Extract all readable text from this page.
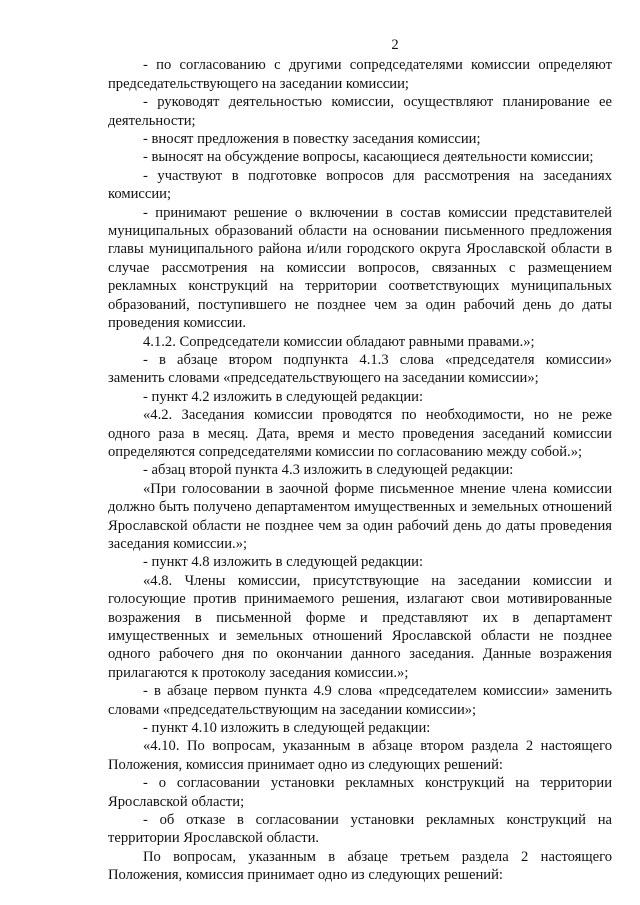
2

- по согласованию с другими сопредседателями комиссии определяют председательствующего на заседании комиссии;

- руководят деятельностью комиссии, осуществляют планирование ее деятельности;

- вносят предложения в повестку заседания комиссии;

- выносят на обсуждение вопросы, касающиеся деятельности комиссии;

- участвуют в подготовке вопросов для рассмотрения на заседаниях комиссии;

- принимают решение о включении в состав комиссии представителей муниципальных образований области на основании письменного предложения главы муниципального района и/или городского округа Ярославской области в случае рассмотрения на комиссии вопросов, связанных с размещением рекламных конструкций на территории соответствующих муниципальных образований, поступившего не позднее чем за один рабочий день до даты проведения комиссии.

4.1.2. Сопредседатели комиссии обладают равными правами.»;

- в абзаце втором подпункта 4.1.3 слова «председателя комиссии» заменить словами «председательствующего на заседании комиссии»;

- пункт 4.2 изложить в следующей редакции:

«4.2. Заседания комиссии проводятся по необходимости, но не реже одного раза в месяц. Дата, время и место проведения заседаний комиссии определяются сопредседателями комиссии по согласованию между собой.»;

- абзац второй пункта 4.3 изложить в следующей редакции:

«При голосовании в заочной форме письменное мнение члена комиссии должно быть получено департаментом имущественных и земельных отношений Ярославской области не позднее чем за один рабочий день до даты проведения заседания комиссии.»;

- пункт 4.8 изложить в следующей редакции:

«4.8. Члены комиссии, присутствующие на заседании комиссии и голосующие против принимаемого решения, излагают свои мотивированные возражения в письменной форме и представляют их в департамент имущественных и земельных отношений Ярославской области не позднее одного рабочего дня по окончании данного заседания. Данные возражения прилагаются к протоколу заседания комиссии.»;

- в абзаце первом пункта 4.9 слова «председателем комиссии» заменить словами «председательствующим на заседании комиссии»;

- пункт 4.10 изложить в следующей редакции:

«4.10. По вопросам, указанным в абзаце втором раздела 2 настоящего Положения, комиссия принимает одно из следующих решений:

- о согласовании установки рекламных конструкций на территории Ярославской области;

- об отказе в согласовании установки рекламных конструкций на территории Ярославской области.

По вопросам, указанным в абзаце третьем раздела 2 настоящего Положения, комиссия принимает одно из следующих решений:
